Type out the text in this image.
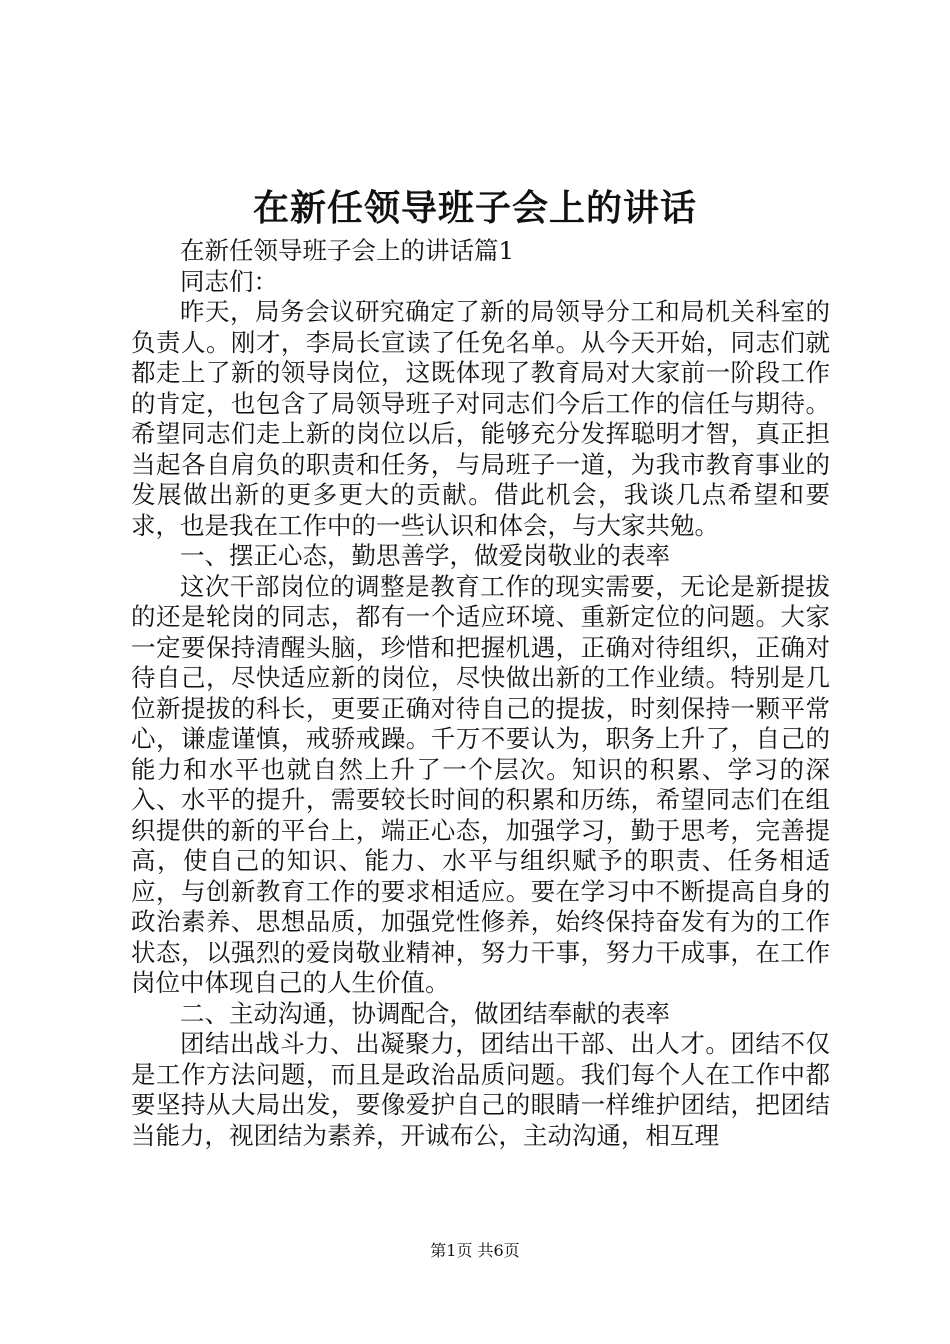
在新任领导班子会上的讲话

在新任领导班子会上的讲话篇1

同志们：

昨天，局务会议研究确定了新的局领导分工和局机关科室的负责人。刚才，李局长宣读了任免名单。从今天开始，同志们就都走上了新的领导岗位，这既体现了教育局对大家前一阶段工作的肯定，也包含了局领导班子对同志们今后工作的信任与期待。希望同志们走上新的岗位以后，能够充分发挥聪明才智，真正担当起各自肩负的职责和任务，与局班子一道，为我市教育事业的发展做出新的更多更大的贡献。借此机会，我谈几点希望和要求，也是我在工作中的一些认识和体会，与大家共勉。

一、摆正心态，勤思善学，做爱岗敬业的表率

这次干部岗位的调整是教育工作的现实需要，无论是新提拔的还是轮岗的同志，都有一个适应环境、重新定位的问题。大家一定要保持清醒头脑，珍惜和把握机遇，正确对待组织，正确对待自己，尽快适应新的岗位，尽快做出新的工作业绩。特别是几位新提拔的科长，更要正确对待自己的提拔，时刻保持一颗平常心，谦虚谨慎，戒骄戒躁。千万不要认为，职务上升了，自己的能力和水平也就自然上升了一个层次。知识的积累、学习的深入、水平的提升，需要较长时间的积累和历练，希望同志们在组织提供的新的平台上，端正心态，加强学习，勤于思考，完善提高，使自己的知识、能力、水平与组织赋予的职责、任务相适应，与创新教育工作的要求相适应。要在学习中不断提高自身的政治素养、思想品质，加强党性修养，始终保持奋发有为的工作状态，以强烈的爱岗敬业精神，努力干事，努力干成事，在工作岗位中体现自己的人生价值。

二、主动沟通，协调配合，做团结奉献的表率

团结出战斗力、出凝聚力，团结出干部、出人才。团结不仅是工作方法问题，而且是政治品质问题。我们每个人在工作中都要坚持从大局出发，要像爱护自己的眼睛一样维护团结，把团结当能力，视团结为素养，开诚布公，主动沟通，相互理

第1页 共6页
